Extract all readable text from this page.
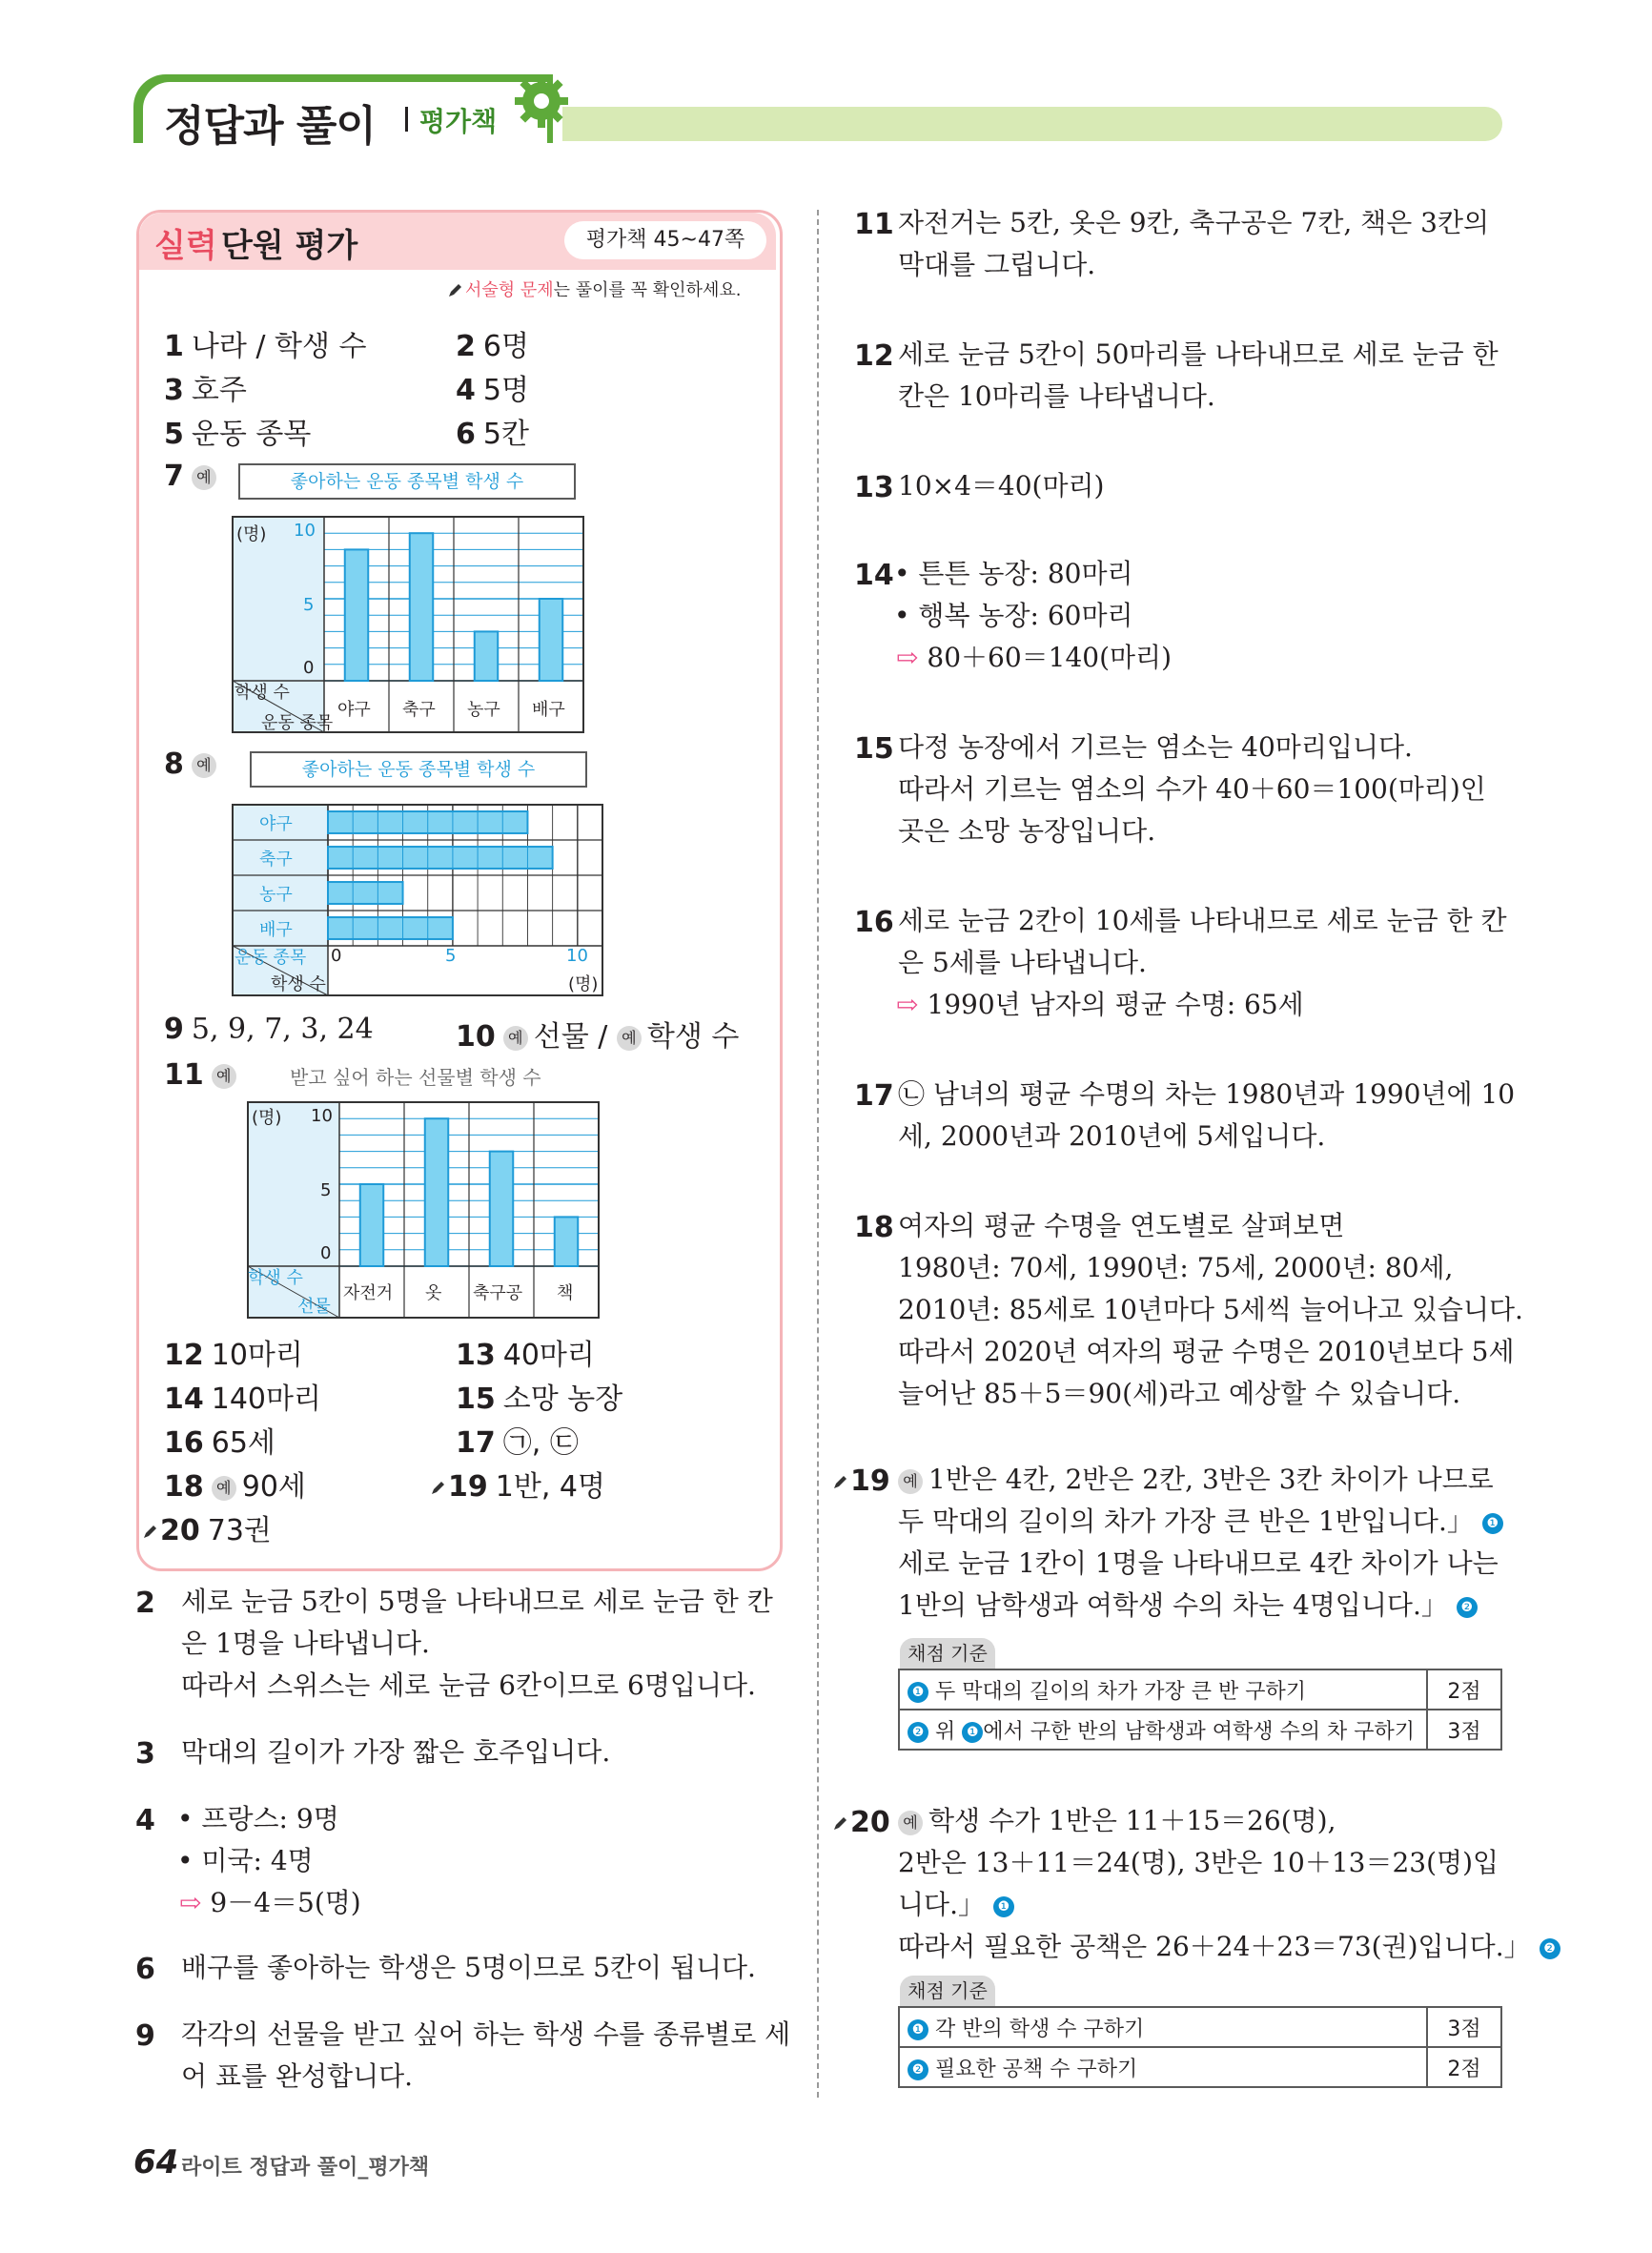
정답과 풀이 평가책
실력 단원 평가	평가책 45~47쪽
서술형 문제는 풀이를 꼭 확인하세요.
1 나라 / 학생 수	2 6명
3 호주	4 5명
5 운동 종목	6 5칸
7 예
8 예
9 5, 9, 7, 3, 24	10 예 선물 / 예 학생 수
11 예
12 10마리	13 40마리
14 140마리	15 소망 농장
16 65세	17 ㉠, ㉢
18 예 90세	19 1반, 4명
20 73권
좋아하는 운동 종목별 학생 수
(명) 10
5
0
학생 수
운동 종목
야구 축구 농구 배구
좋아하는 운동 종목별 학생 수
야구
축구
농구
배구
운동 종목
학생 수
0	5	10
(명)
받고 싶어 하는 선물별 학생 수
(명) 10
5
0
학생 수
선물
자전거 옷 축구공 책
2 세로 눈금 5칸이 5명을 나타내므로 세로 눈금 한 칸
은 1명을 나타냅니다.
따라서 스위스는 세로 눈금 6칸이므로 6명입니다.
3 막대의 길이가 가장 짧은 호주입니다.
4 • 프랑스: 9명
• 미국: 4명
⇨ 9－4＝5(명)
6 배구를 좋아하는 학생은 5명이므로 5칸이 됩니다.
9 각각의 선물을 받고 싶어 하는 학생 수를 종류별로 세
어 표를 완성합니다.
11 자전거는 5칸, 옷은 9칸, 축구공은 7칸, 책은 3칸의
막대를 그립니다.
12 세로 눈금 5칸이 50마리를 나타내므로 세로 눈금 한
칸은 10마리를 나타냅니다.
13 10×4＝40(마리)
14 • 튼튼 농장: 80마리
• 행복 농장: 60마리
⇨ 80＋60＝140(마리)
15 다정 농장에서 기르는 염소는 40마리입니다.
따라서 기르는 염소의 수가 40＋60＝100(마리)인
곳은 소망 농장입니다.
16 세로 눈금 2칸이 10세를 나타내므로 세로 눈금 한 칸
은 5세를 나타냅니다.
⇨ 1990년 남자의 평균 수명: 65세
17 ㉡ 남녀의 평균 수명의 차는 1980년과 1990년에 10
세, 2000년과 2010년에 5세입니다.
18 여자의 평균 수명을 연도별로 살펴보면
1980년: 70세, 1990년: 75세, 2000년: 80세,
2010년: 85세로 10년마다 5세씩 늘어나고 있습니다.
따라서 2020년 여자의 평균 수명은 2010년보다 5세
늘어난 85＋5＝90(세)라고 예상할 수 있습니다.
19 예 1반은 4칸, 2반은 2칸, 3반은 3칸 차이가 나므로
두 막대의 길이의 차가 가장 큰 반은 1반입니다.」 ❶
세로 눈금 1칸이 1명을 나타내므로 4칸 차이가 나는
1반의 남학생과 여학생 수의 차는 4명입니다.」 ❷
채점 기준
❶ 두 막대의 길이의 차가 가장 큰 반 구하기	2점
❷ 위 ❶ 에서 구한 반의 남학생과 여학생 수의 차 구하기	3점
20 예 학생 수가 1반은 11＋15＝26(명),
2반은 13＋11＝24(명), 3반은 10＋13＝23(명)입
니다.」 ❶
따라서 필요한 공책은 26＋24＋23＝73(권)입니다.」 ❷
채점 기준
❶ 각 반의 학생 수 구하기	3점
❷ 필요한 공책 수 구하기	2점
64 라이트 정답과 풀이_평가책
